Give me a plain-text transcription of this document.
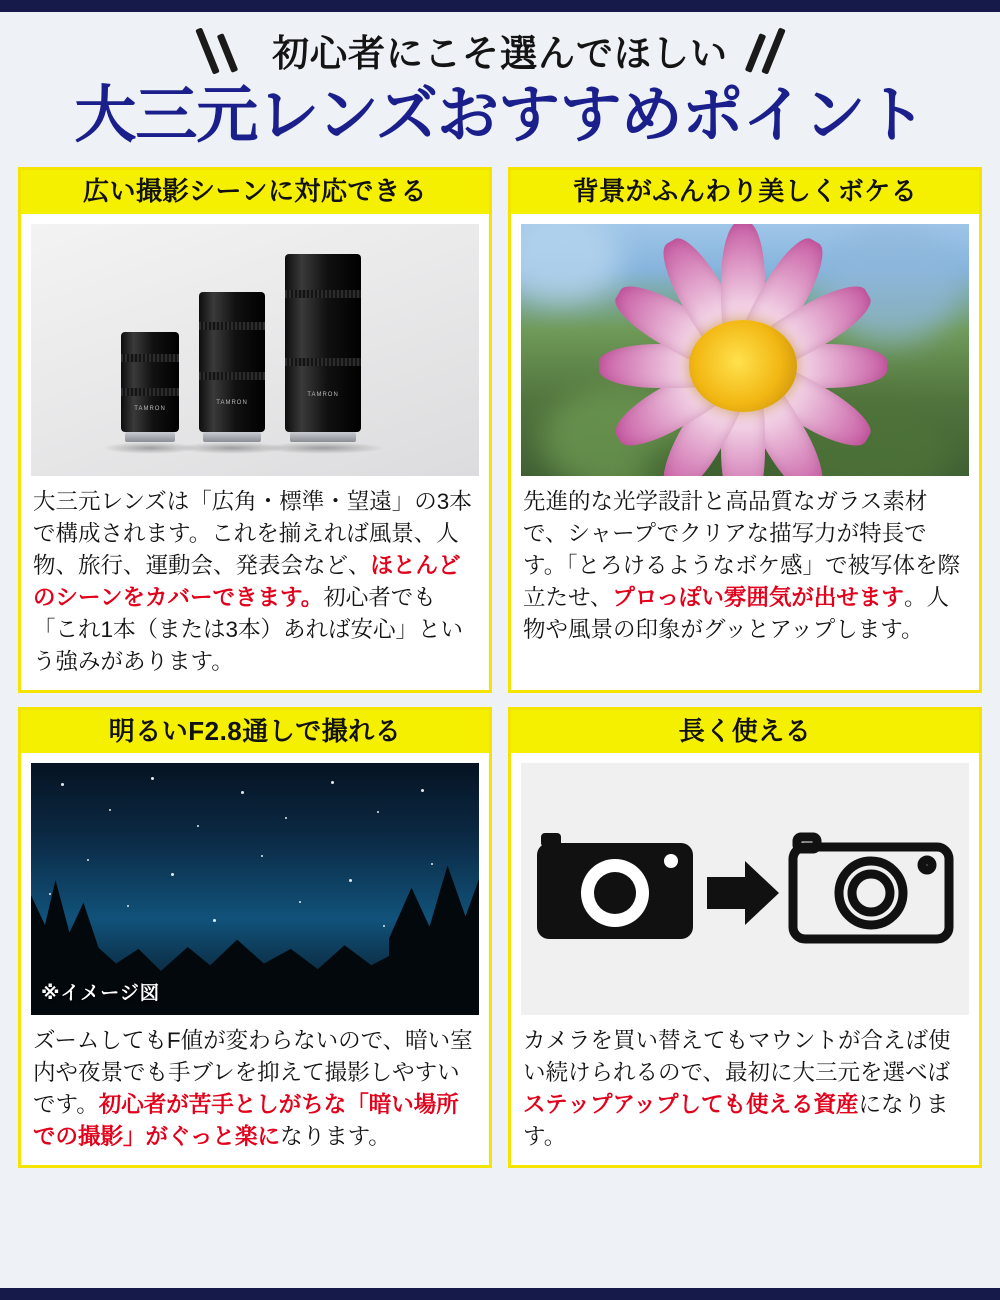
初心者にこそ選んでほしい
大三元レンズおすすめポイント
広い撮影シーンに対応できる
TAMRON
TAMRON
TAMRON
大三元レンズは「広角・標準・望遠」の3本で構成されます。これを揃えれば風景、人物、旅行、運動会、発表会など、ほとんどのシーンをカバーできます。初心者でも「これ1本（または3本）あれば安心」という強みがあります。
背景がふんわり美しくボケる
先進的な光学設計と高品質なガラス素材で、シャープでクリアな描写力が特長です。「とろけるようなボケ感」で被写体を際立たせ、プロっぽい雰囲気が出せます。人物や風景の印象がグッとアップします。
明るいF2.8通しで撮れる
※イメージ図
ズームしてもF値が変わらないので、暗い室内や夜景でも手ブレを抑えて撮影しやすいです。初心者が苦手としがちな「暗い場所での撮影」がぐっと楽になります。
長く使える
カメラを買い替えてもマウントが合えば使い続けられるので、最初に大三元を選べばステップアップしても使える資産になります。
